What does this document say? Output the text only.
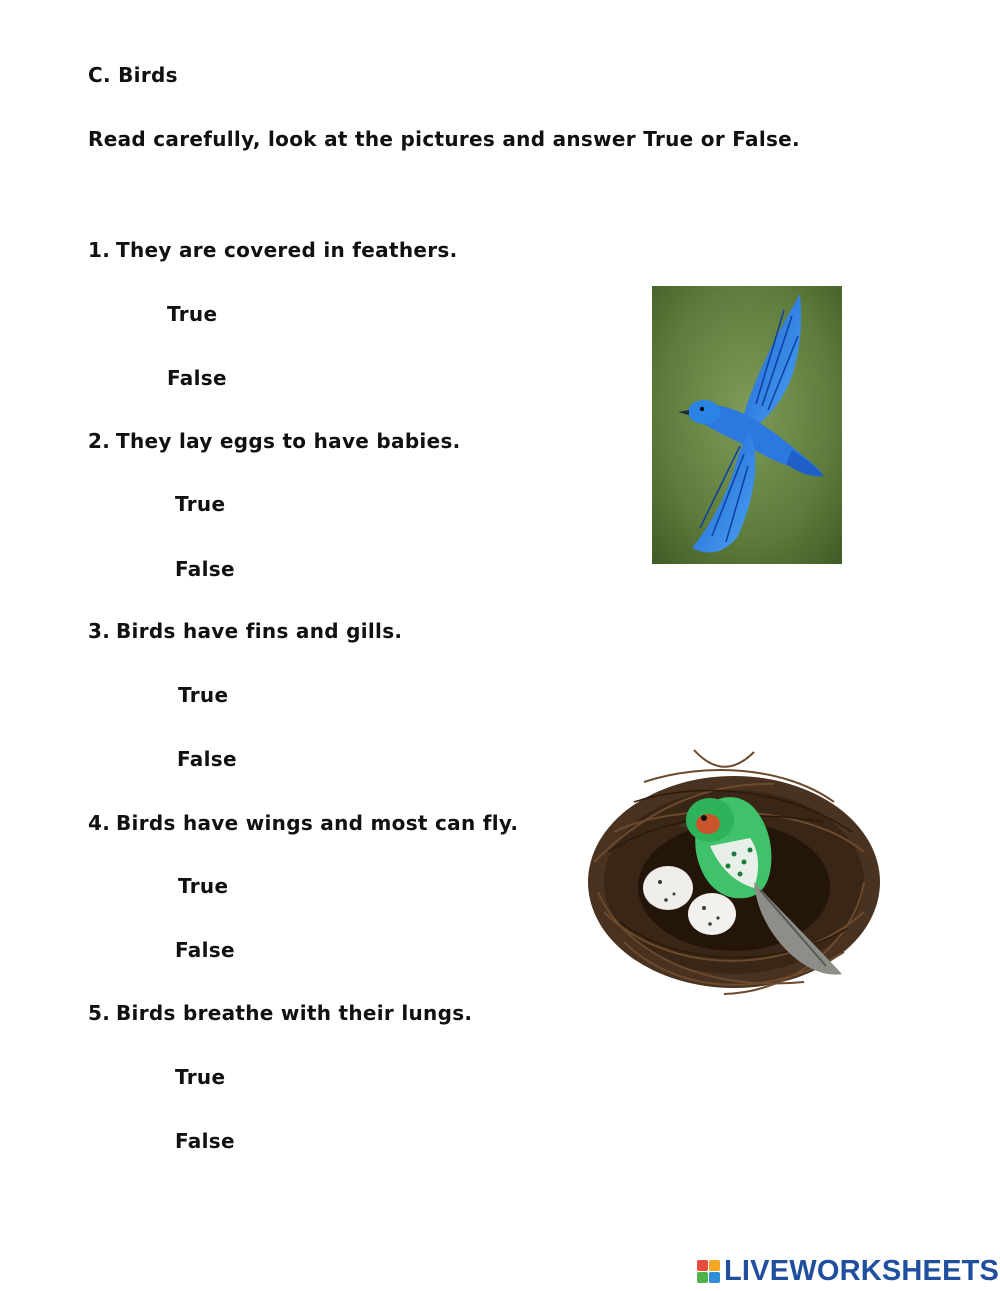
C. Birds
Read carefully, look at the pictures and answer True or False.
1. They are covered in feathers.
True
False
2. They lay eggs to have babies.
True
False
3. Birds have fins and gills.
True
False
4. Birds have wings and most can fly.
True
False
5. Birds breathe with their lungs.
True
False
LIVEWORKSHEETS
